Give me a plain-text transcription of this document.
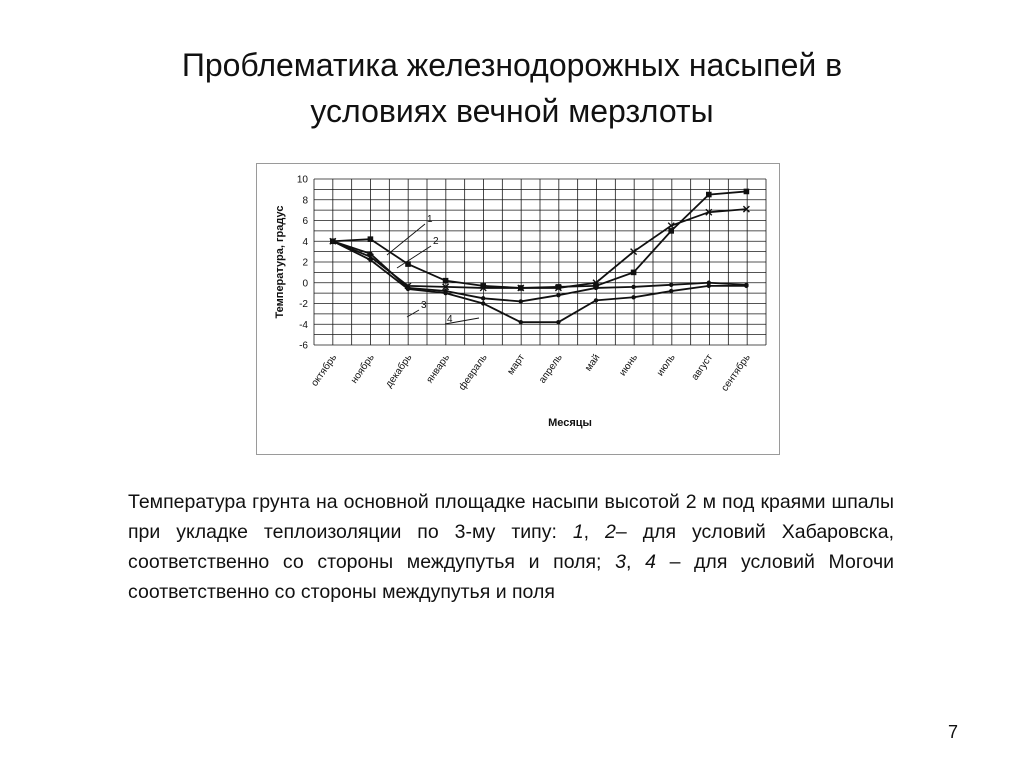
Проблематика железнодорожных насыпей в
условиях вечной мерзлоты
10
8
6
4
2
0
-2
-4
-6
Температура, градус
октябрь ноябрь декабрь январь февраль март апрель май июнь июль август сентябрь
Месяцы
1
2
3
4
Температура грунта на основной площадке насыпи высотой 2 м под краями шпалы при укладке теплоизоляции по 3-му типу: 1, 2– для условий Хабаровска, соответственно со стороны междупутья и поля; 3, 4 – для условий Могочи соответственно со стороны междупутья и поля
7
